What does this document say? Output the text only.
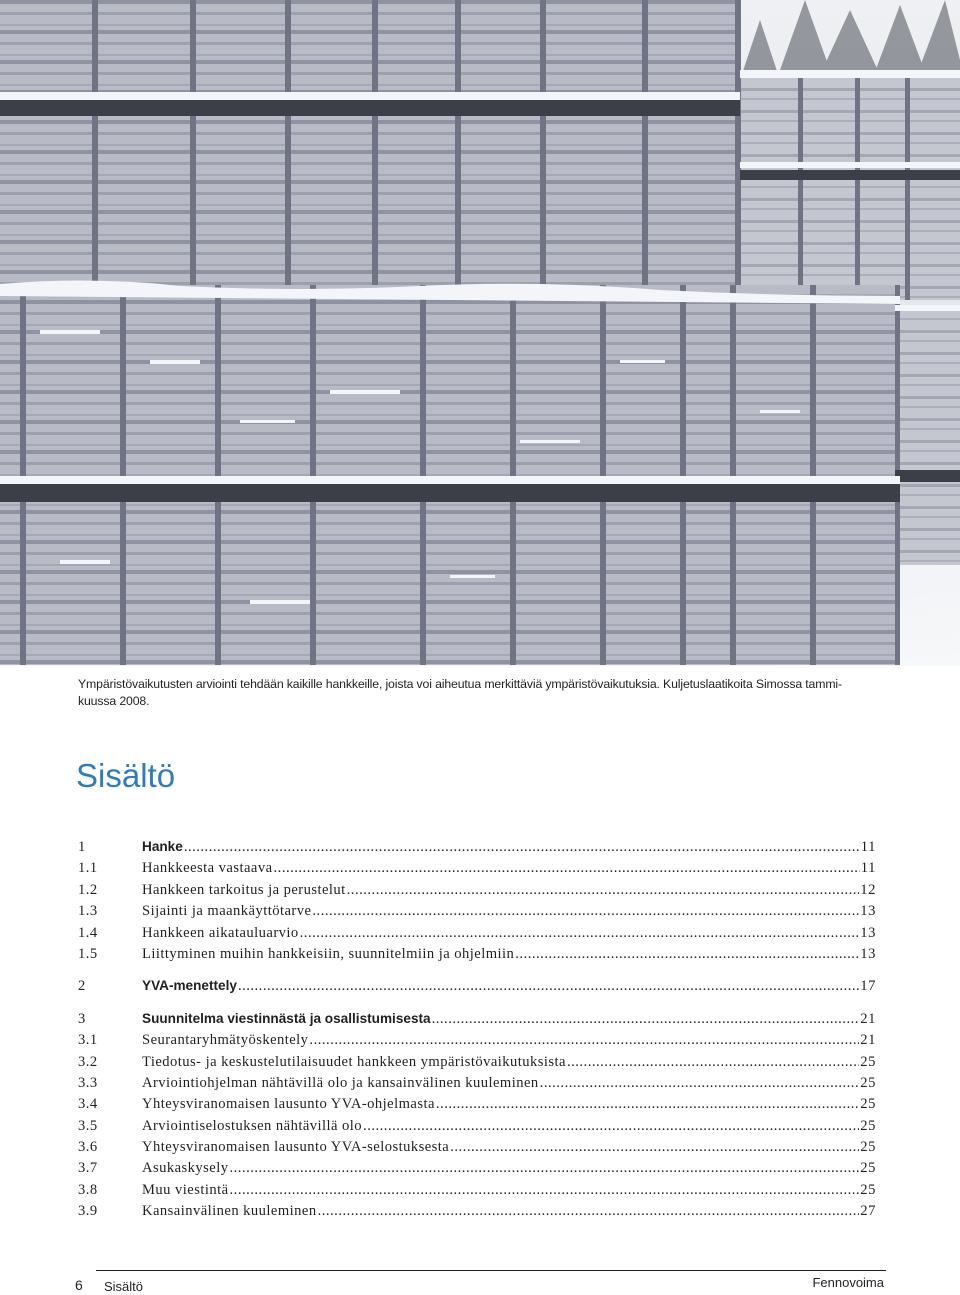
Ympäristövaikutusten arviointi tehdään kaikille hankkeille, joista voi aiheutua merkittäviä ympäristövaikutuksia. Kuljetuslaatikoita Simossa tammi-
kuussa 2008.
Sisältö
1	Hanke .....	11
1.1	Hankkeesta vastaava .....	11
1.2	Hankkeen tarkoitus ja perustelut .....	12
1.3	Sijainti ja maankäyttötarve .....	13
1.4	Hankkeen aikatauluarvio .....	13
1.5	Liittyminen muihin hankkeisiin, suunnitelmiin ja ohjelmiin .....	13
2	YVA-menettely .....	17
3	Suunnitelma viestinnästä ja osallistumisesta .....	21
3.1	Seurantaryhmätyöskentely .....	21
3.2	Tiedotus- ja keskustelutilaisuudet hankkeen ympäristövaikutuksista .....	25
3.3	Arviointiohjelman nähtävillä olo ja kansainvälinen kuuleminen .....	25
3.4	Yhteysviranomaisen lausunto YVA-ohjelmasta .....	25
3.5	Arviointiselostuksen nähtävillä olo .....	25
3.6	Yhteysviranomaisen lausunto YVA-selostuksesta .....	25
3.7	Asukaskysely .....	25
3.8	Muu viestintä .....	25
3.9	Kansainvälinen kuuleminen .....	27
6 Sisältö	Fennovoima
